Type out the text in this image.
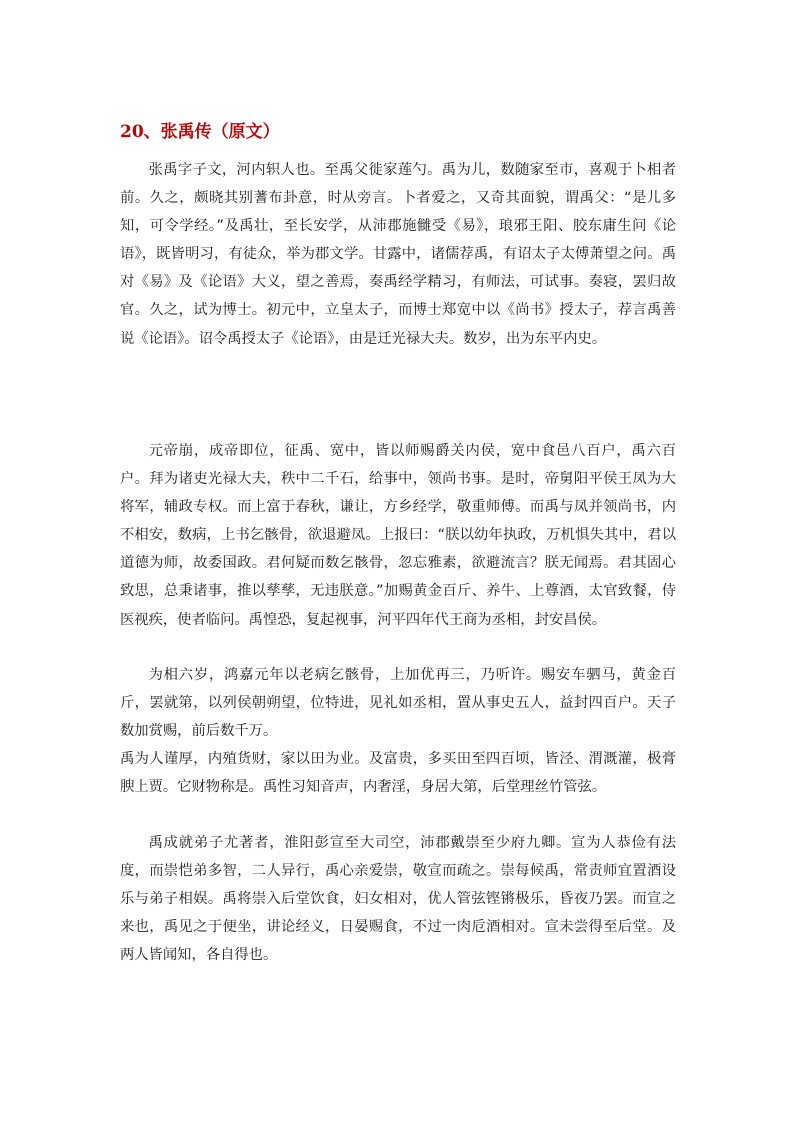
20、张禹传（原文）

张禹字子文，河内轵人也。至禹父徙家莲勺。禹为儿，数随家至市，喜观于卜相者前。久之，颇晓其别蓍布卦意，时从旁言。卜者爱之，又奇其面貌，谓禹父：“是儿多知，可令学经。”及禹壮，至长安学，从沛郡施雠受《易》，琅邪王阳、胶东庸生问《论语》，既皆明习，有徒众，举为郡文学。甘露中，诸儒荐禹，有诏太子太傅萧望之问。禹对《易》及《论语》大义，望之善焉，奏禹经学精习，有师法，可试事。奏寝，罢归故官。久之，试为博士。初元中，立皇太子，而博士郑宽中以《尚书》授太子，荐言禹善说《论语》。诏令禹授太子《论语》，由是迁光禄大夫。数岁，出为东平内史。

元帝崩，成帝即位，征禹、宽中，皆以师赐爵关内侯，宽中食邑八百户，禹六百户。拜为诸吏光禄大夫，秩中二千石，给事中，领尚书事。是时，帝舅阳平侯王凤为大将军，辅政专权。而上富于春秋，谦让，方乡经学，敬重师傅。而禹与凤并领尚书，内不相安，数病，上书乞骸骨，欲退避凤。上报曰：“朕以幼年执政，万机惧失其中，君以道德为师，故委国政。君何疑而数乞骸骨，忽忘雅素，欲避流言？朕无闻焉。君其固心致思，总秉诸事，推以孳孳，无违朕意。”加赐黄金百斤、养牛、上尊酒，太官致餐，侍医视疾，使者临问。禹惶恐，复起视事，河平四年代王商为丞相，封安昌侯。

为相六岁，鸿嘉元年以老病乞骸骨，上加优再三，乃听许。赐安车驷马，黄金百斤，罢就第，以列侯朝朔望，位特进，见礼如丞相，置从事史五人，益封四百户。天子数加赏赐，前后数千万。

禹为人谨厚，内殖货财，家以田为业。及富贵，多买田至四百顷，皆泾、渭溉灌，极膏腴上贾。它财物称是。禹性习知音声，内奢淫，身居大第，后堂理丝竹管弦。

禹成就弟子尤著者，淮阳彭宣至大司空，沛郡戴崇至少府九卿。宣为人恭俭有法度，而崇恺弟多智，二人异行，禹心亲爱崇，敬宣而疏之。崇每候禹，常责师宜置酒设乐与弟子相娱。禹将崇入后堂饮食，妇女相对，优人管弦铿锵极乐，昏夜乃罢。而宣之来也，禹见之于便坐，讲论经义，日晏赐食，不过一肉卮酒相对。宣未尝得至后堂。及两人皆闻知，各自得也。
